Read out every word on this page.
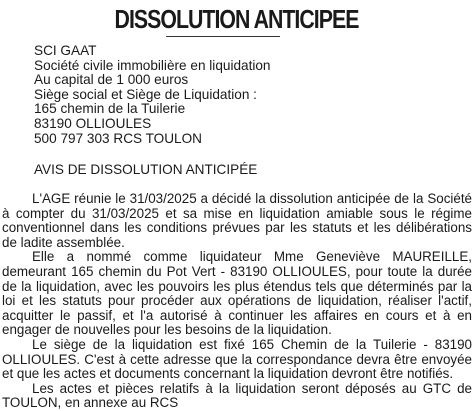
DISSOLUTION ANTICIPEE
SCI GAAT
Société civile immobilière en liquidation
Au capital de 1 000 euros
Siège social et Siège de Liquidation :
165 chemin de la Tuilerie
83190 OLLIOULES
500 797 303 RCS TOULON
AVIS DE DISSOLUTION ANTICIPÉE

L'AGE réunie le 31/03/2025 a décidé la dissolution anticipée de la Société à compter du 31/03/2025 et sa mise en liquidation amiable sous le régime conventionnel dans les conditions prévues par les statuts et les délibérations de ladite assemblée.

Elle a nommé comme liquidateur Mme Geneviève MAUREILLE, demeurant 165 chemin du Pot Vert - 83190 OLLIOULES, pour toute la durée de la liquidation, avec les pouvoirs les plus étendus tels que déterminés par la loi et les statuts pour procéder aux opérations de liquidation, réaliser l'actif, acquitter le passif, et l'a autorisé à continuer les affaires en cours et à en engager de nouvelles pour les besoins de la liquidation.

Le siège de la liquidation est fixé 165 Chemin de la Tuilerie - 83190 OLLIOULES. C'est à cette adresse que la correspondance devra être envoyée et que les actes et documents concernant la liquidation devront être notifiés.

Les actes et pièces relatifs à la liquidation seront déposés au GTC de TOULON, en annexe au RCS
